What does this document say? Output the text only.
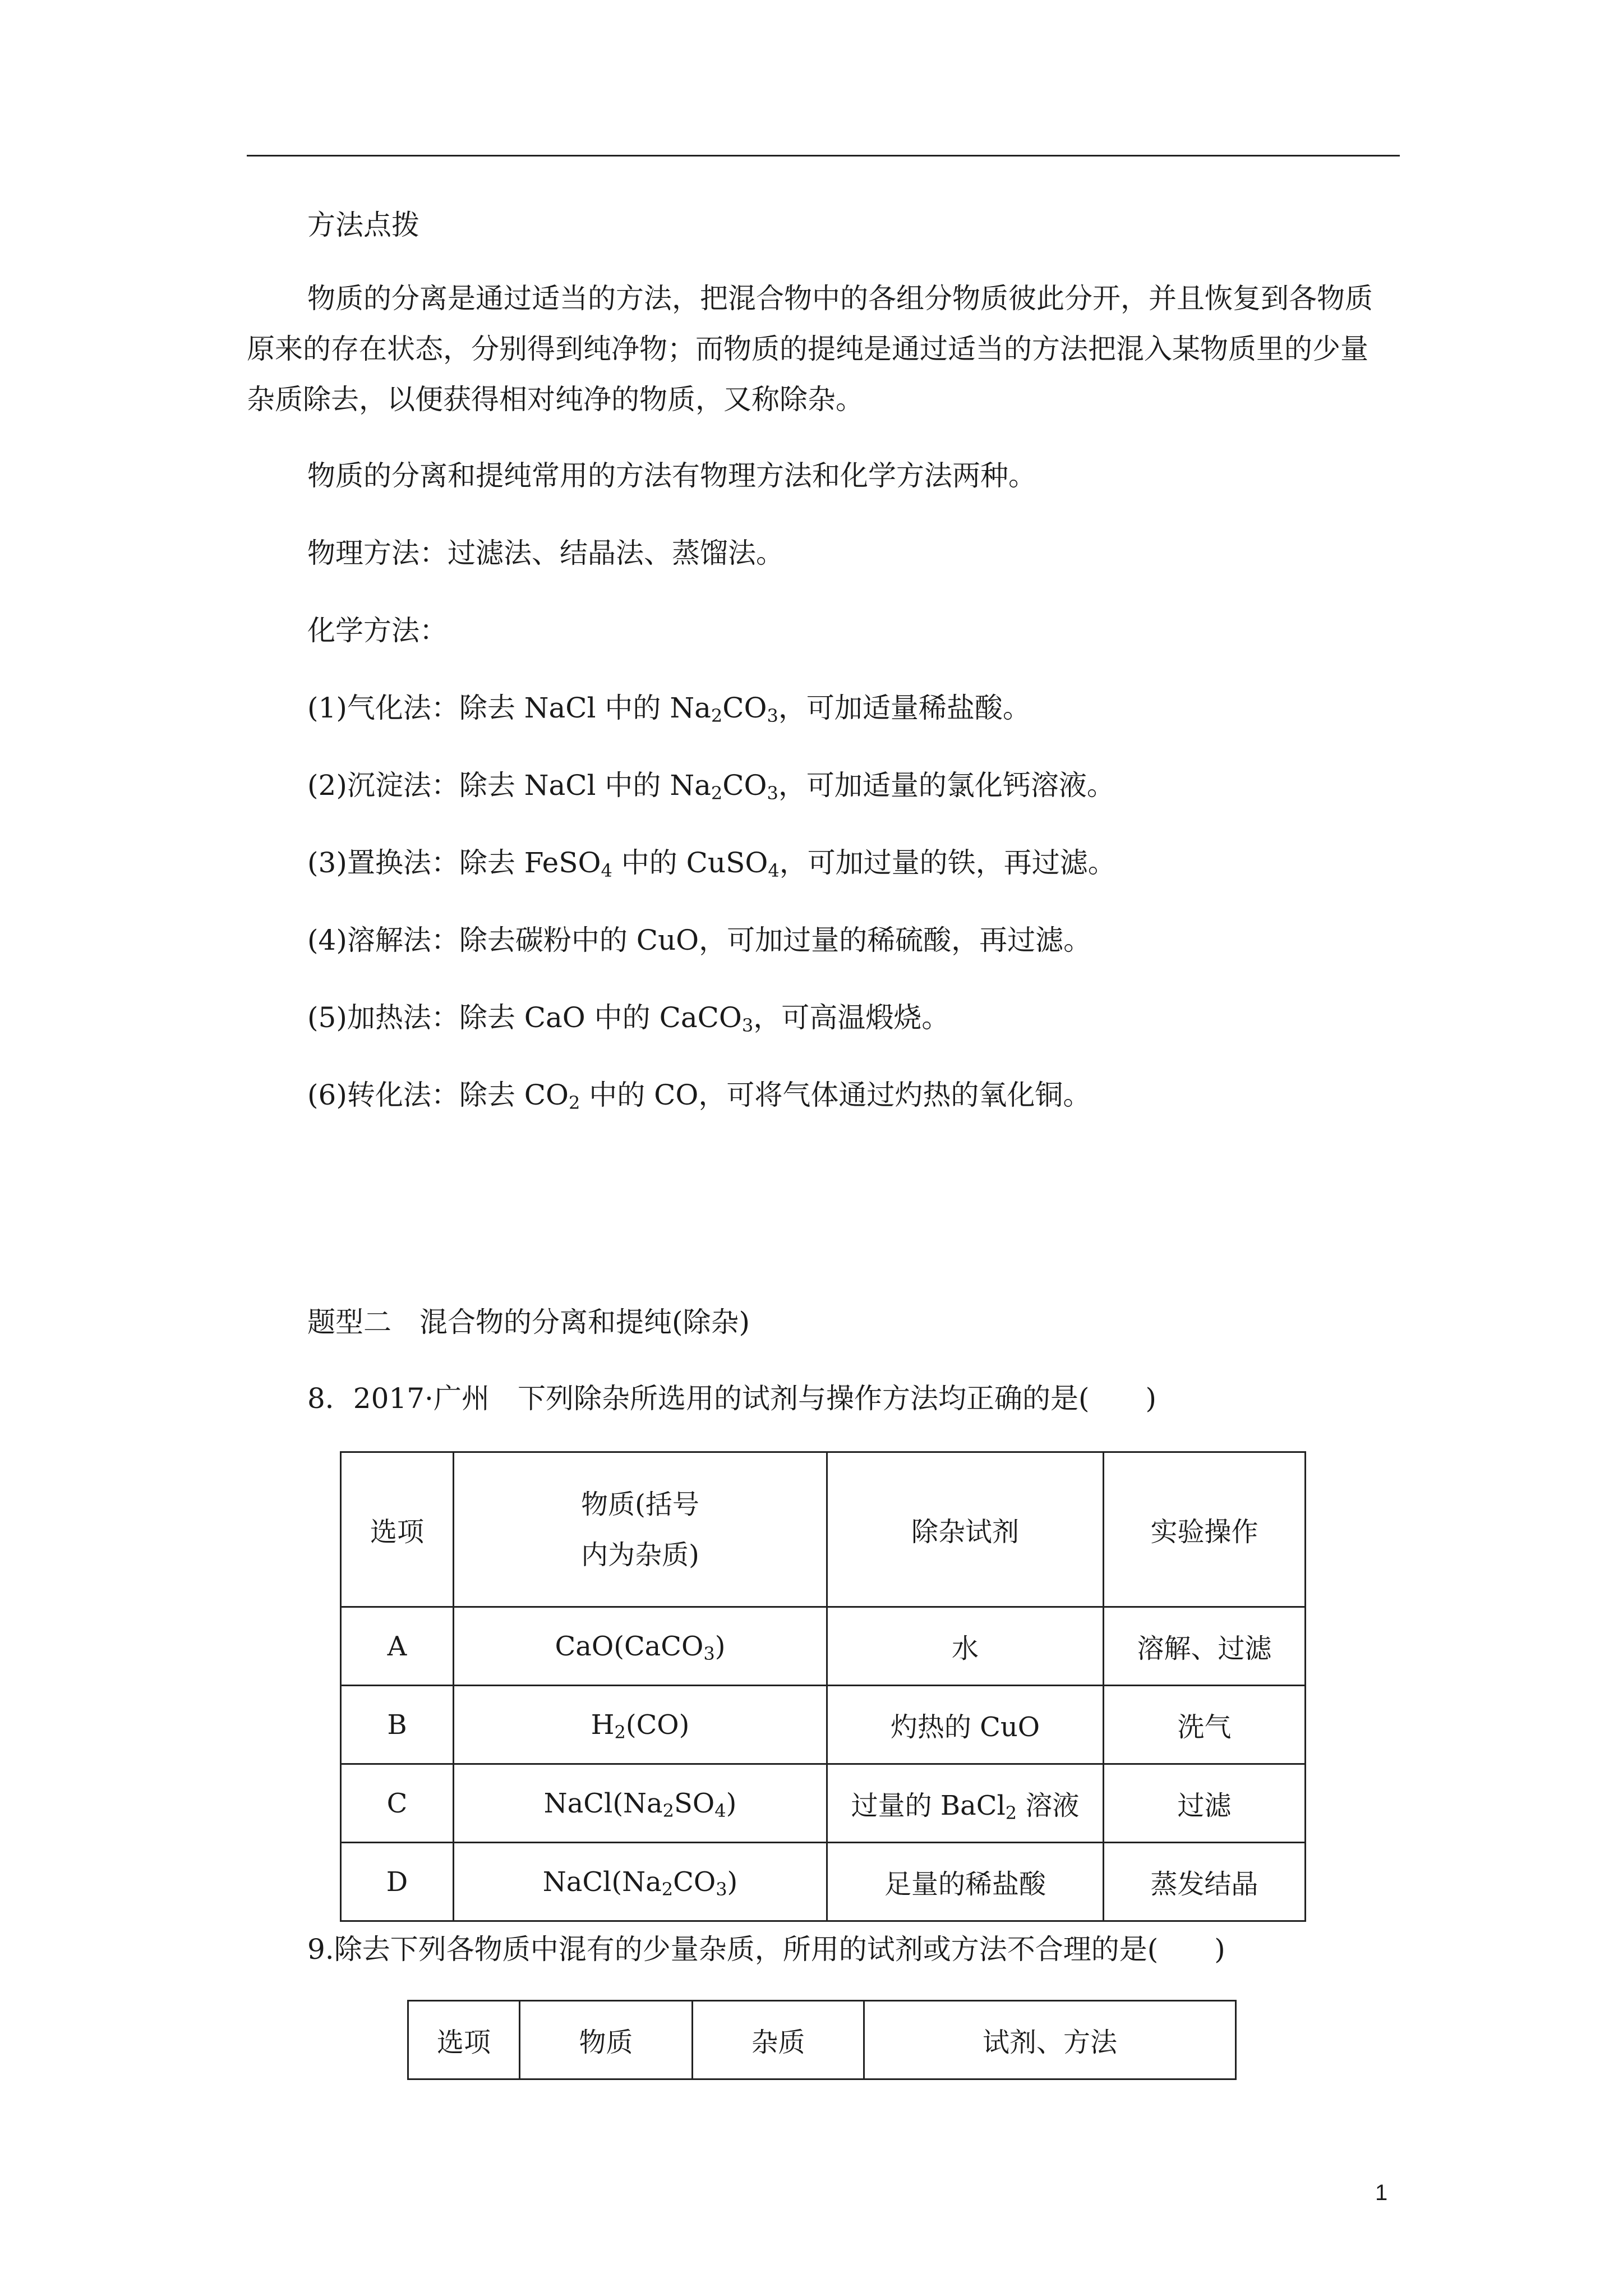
方法点拨

物质的分离是通过适当的方法，把混合物中的各组分物质彼此分开，并且恢复到各物质

原来的存在状态，分别得到纯净物；而物质的提纯是通过适当的方法把混入某物质里的少量

杂质除去，以便获得相对纯净的物质，又称除杂。

物质的分离和提纯常用的方法有物理方法和化学方法两种。
物理方法：过滤法、结晶法、蒸馏法。
化学方法：
(1)气化法：除去 NaCl 中的 $Na_2CO_3$，可加适量稀盐酸。
(2)沉淀法：除去 NaCl 中的 $Na_2CO_3$，可加适量的氯化钙溶液。
(3)置换法：除去 FeSO$_4$ 中的 CuSO$_4$，可加过量的铁，再过滤。
(4)溶解法：除去碳粉中的 CuO，可加过量的稀硫酸，再过滤。
(5)加热法：除去 CaO 中的 CaCO$_3$，可高温煅烧。
(6)转化法：除去 $CO_2$ 中的 CO，可将气体通过灼热的氧化铜。
题型二　混合物的分离和提纯(除杂)
8．2017·广州　下列除杂所选用的试剂与操作方法均正确的是(　　)
选项	物质(括号
内为杂质)	除杂试剂	实验操作
A	CaO(CaCO$_3$)	水	溶解、过滤
B	$H_2(CO)$	灼热的 CuO	洗气
C	$NaCl(Na_2SO_4)$	过量的 BaCl$_2$ 溶液	过滤
D	$NaCl(Na_2CO_3)$	足量的稀盐酸	蒸发结晶
9.除去下列各物质中混有的少量杂质，所用的试剂或方法不合理的是(　　)
选项	物质	杂质	试剂、方法
1
